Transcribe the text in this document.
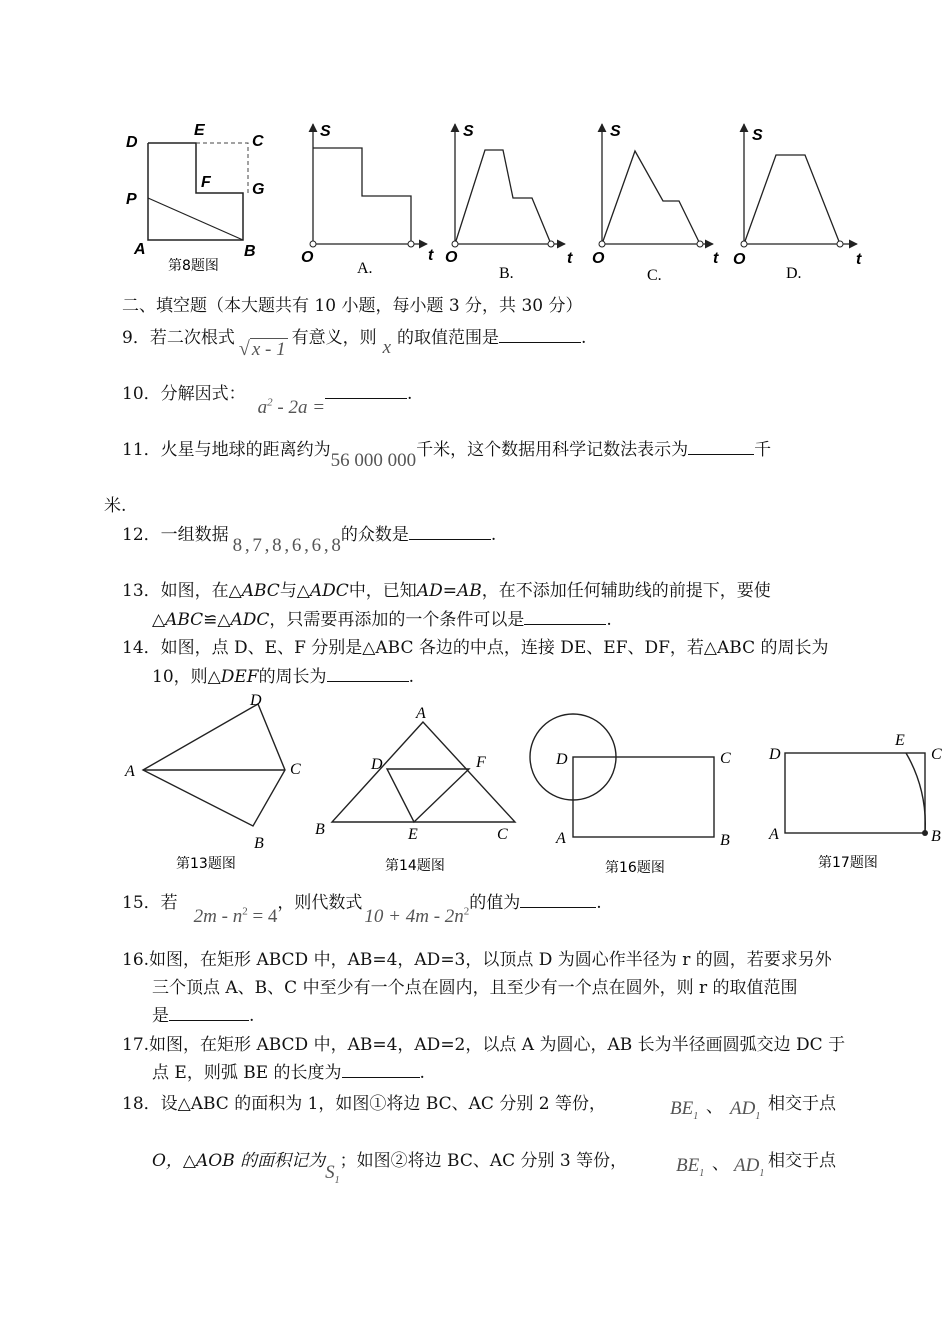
D
E
C
F	G
P
A	B
第8题图
S
t
O
A.
S
t
O
B.
S
t
O
C.
S
t
O
D.
二、填空题（本大题共有 10 小题，每小题 3 分，共 30 分）
9．若二次根式 √ x - 1有意义，则 x 的取值范围是	.
10．分解因式：$a^2 - 2a$ =.
11．火星与地球的距离约为56 000 000千米，这个数据用科学记数法表示为	千
米.
12．一组数据 8 , 7 , 8 , 6 , 6 , 8的众数是	.
13．如图，在△ABC与△ADC中，已知AD=AB，在不添加任何辅助线的前提下，要使
△ABC≌△ADC，只需要再添加的一个条件可以是	.
14．如图，点 D、E、F 分别是△ABC 各边的中点，连接 DE、EF、DF，若△ABC 的周长为
10，则△DEF的周长为	.
A
D
C
B
第13题图
A
B	C
D
E
F
第14题图
D	C
A	B
第16题图
D
E
C
A	B
第17题图
15．若$2m - n^2 = 4$，则代数式$10 + 4m - 2n^2$的值为	.
16.如图，在矩形 ABCD 中，AB=4，AD=3，以顶点 D 为圆心作半径为 r 的圆，若要求另外
三个顶点 A、B、C 中至少有一个点在圆内，且至少有一个点在圆外，则 r 的取值范围
是	.
17.如图，在矩形 ABCD 中，AB=4，AD=2，以点 A 为圆心，AB 长为半径画圆弧交边 DC 于
点 E，则弧 BE 的长度为	.
18．设△ABC 的面积为 1，如图①将边 BC、AC 分别 2 等份，	$BE_1$ 、 $AD_1$
相交于点
O，△AOB 的面积记为$S_1$；如图②将边 BC、AC 分别 3 等份，	$BE_1$ 、 $AD_1$
相交于点
